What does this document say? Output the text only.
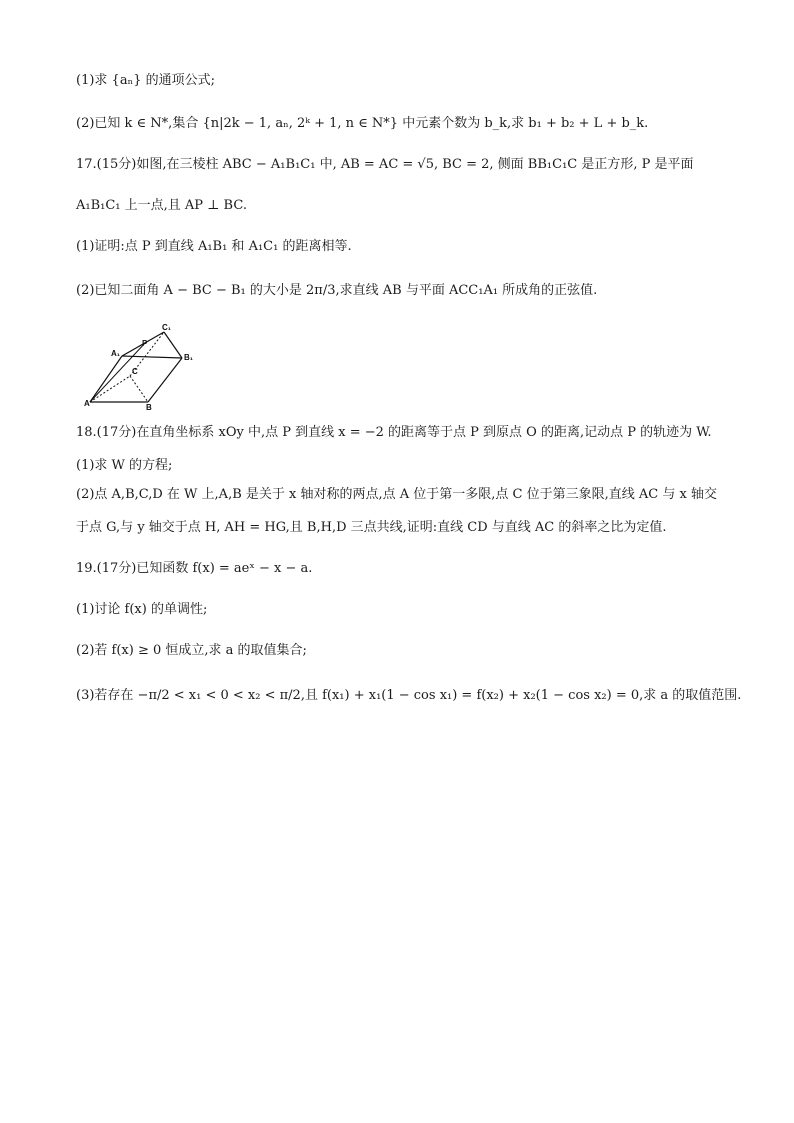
(1)求 {aₙ} 的通项公式;
(2)已知 k ∈ N*,集合 {n|2k − 1, aₙ, 2ᵏ + 1, n ∈ N*} 中元素个数为 b_k,求 b₁ + b₂ + L + b_k.
17.(15分)如图,在三棱柱 ABC − A₁B₁C₁ 中, AB = AC = √5, BC = 2, 侧面 BB₁C₁C 是正方形, P 是平面
A₁B₁C₁ 上一点,且 AP ⊥ BC.
(1)证明:点 P 到直线 A₁B₁ 和 A₁C₁ 的距离相等.
(2)已知二面角 A − BC − B₁ 的大小是 2π/3,求直线 AB 与平面 ACC₁A₁ 所成角的正弦值.
C₁
A₁	B₁
P
C
A	B
18.(17分)在直角坐标系 xOy 中,点 P 到直线 x = −2 的距离等于点 P 到原点 O 的距离,记动点 P 的轨迹为 W.
(1)求 W 的方程;
(2)点 A,B,C,D 在 W 上,A,B 是关于 x 轴对称的两点,点 A 位于第一多限,点 C 位于第三象限,直线 AC 与 x 轴交
于点 G,与 y 轴交于点 H, AH = HG,且 B,H,D 三点共线,证明:直线 CD 与直线 AC 的斜率之比为定值.
19.(17分)已知函数 f(x) = aeˣ − x − a.
(1)讨论 f(x) 的单调性;
(2)若 f(x) ≥ 0 恒成立,求 a 的取值集合;
(3)若存在 −π/2 < x₁ < 0 < x₂ < π/2,且 f(x₁) + x₁(1 − cos x₁) = f(x₂) + x₂(1 − cos x₂) = 0,求 a 的取值范围.
